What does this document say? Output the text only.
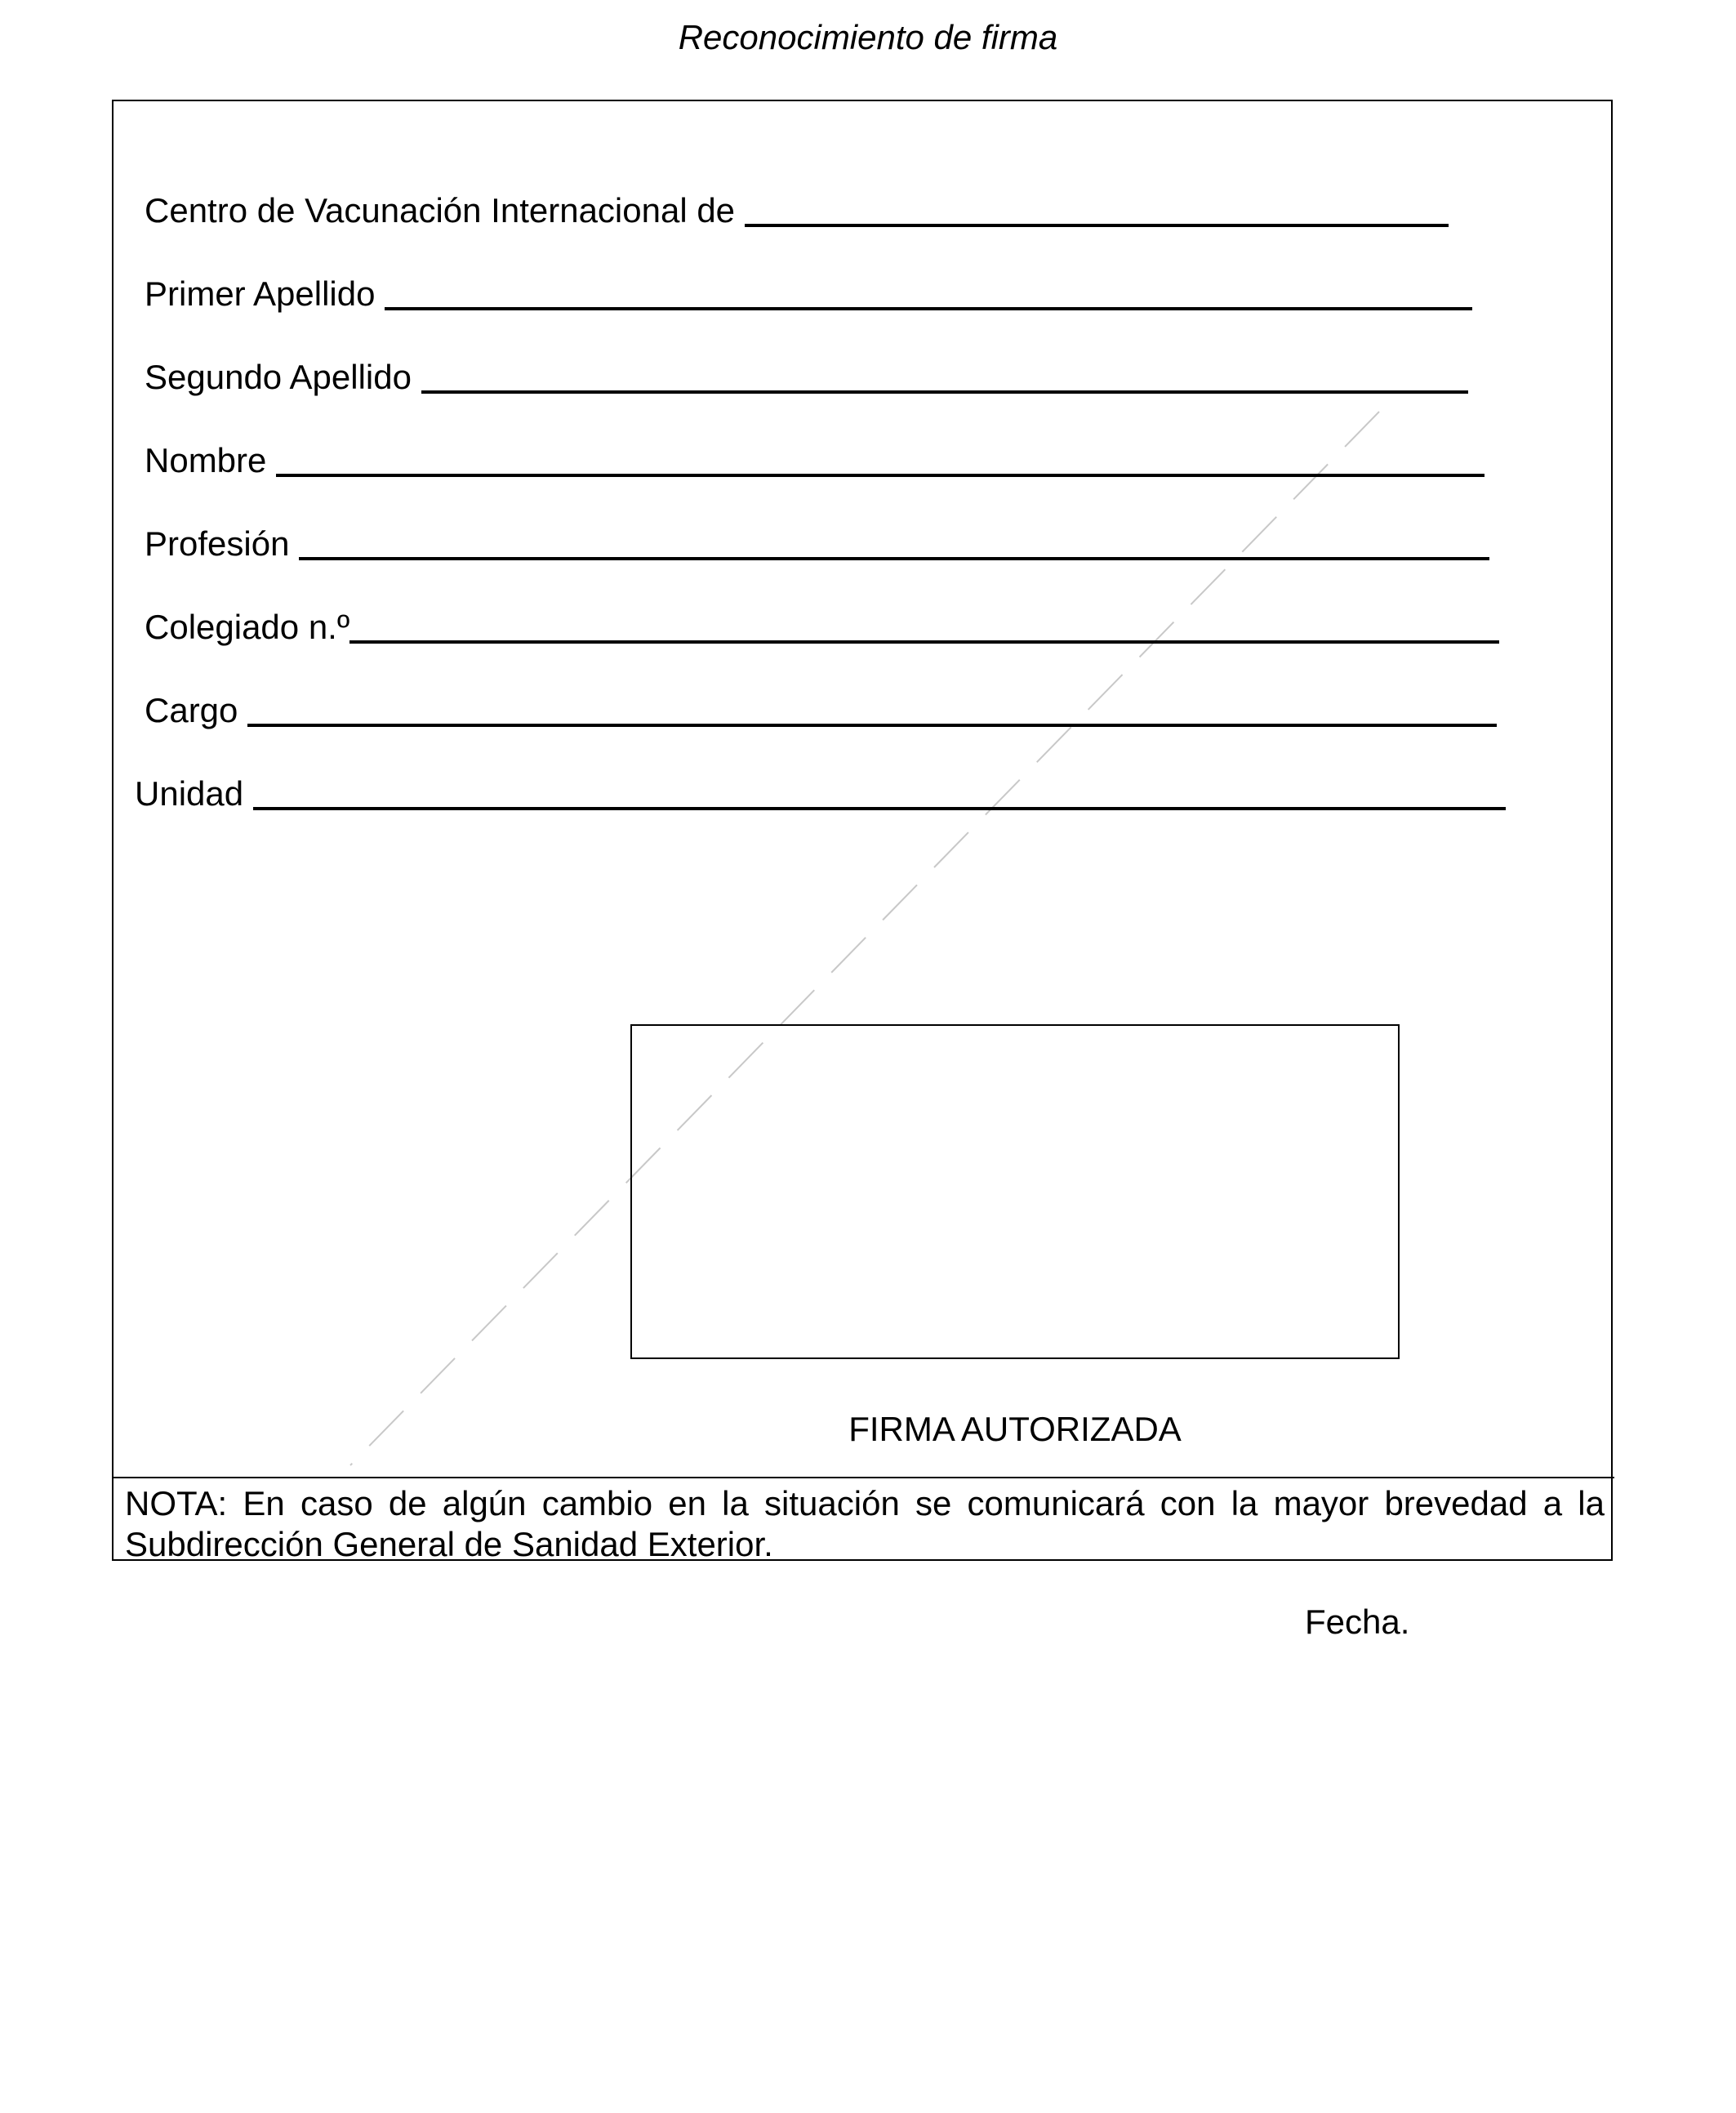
Reconocimiento de firma
Centro de Vacunación Internacional de
Primer Apellido
Segundo Apellido
Nombre
Profesión
Colegiado n.º
Cargo
Unidad
FIRMA AUTORIZADA
NOTA: En caso de algún cambio en la situación se comunicará con la mayor brevedad a la Subdirección General de Sanidad Exterior.
Fecha.
